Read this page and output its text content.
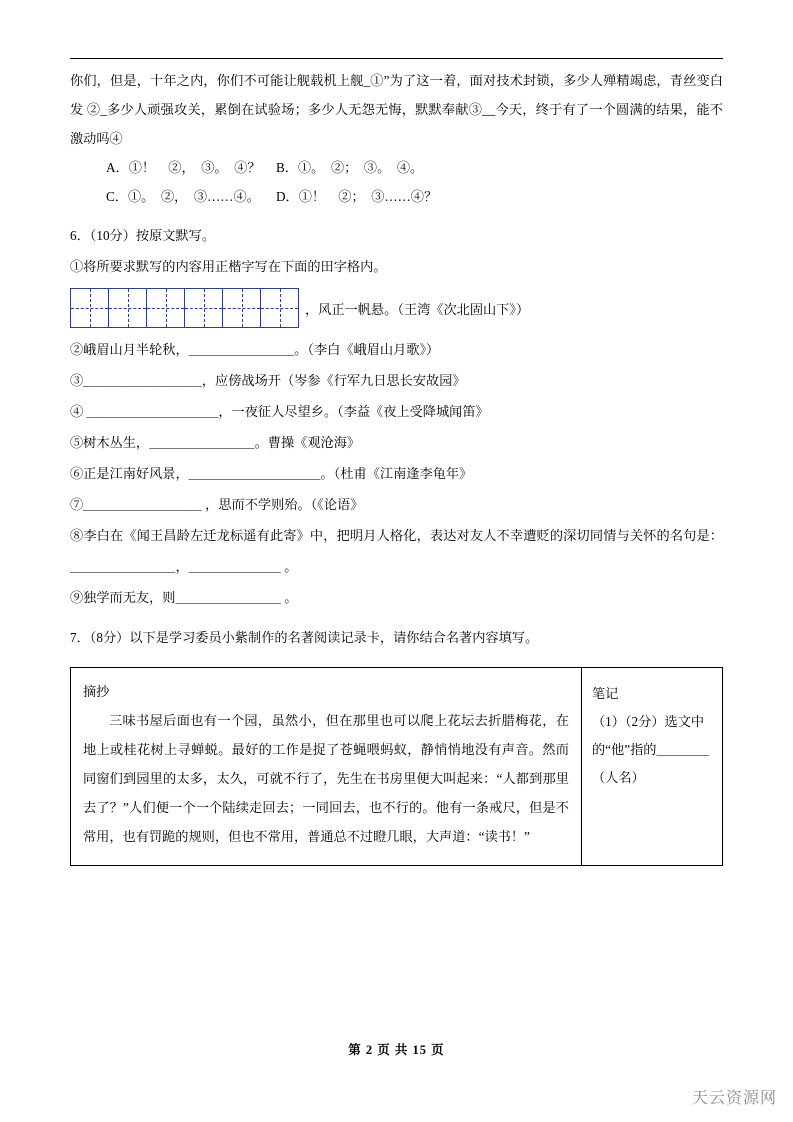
你们，但是，十年之内，你们不可能让舰载机上舰_①”为了这一着，面对技术封锁，多少人殚精竭虑，青丝变白发 ②_多少人顽强攻关，累倒在试验场；多少人无怨无悔，默默奉献③__今天，终于有了一个圆满的结果，能不激动吗④

A．①！　②，　③。　④？	B．①。　②；　③。　④。
C．①。　②，　③……④。	D．①！　②；　③……④？

6．（10分）按原文默写。

①将所要求默写的内容用正楷字写在下面的田字格内。

，风正一帆悬。（王湾《次北固山下》）

②峨眉山月半轮秋，＿＿＿＿＿＿＿＿。（李白《峨眉山月歌》）

③＿＿＿＿＿＿＿＿＿，应傍战场开（岑参《行军九日思长安故园》

④ ＿＿＿＿＿＿＿＿＿＿，一夜征人尽望乡。（李益《夜上受降城闻笛》

⑤树木丛生，＿＿＿＿＿＿＿＿。曹操《观沧海》

⑥正是江南好风景，＿＿＿＿＿＿＿＿＿＿。（杜甫《江南逢李龟年》

⑦＿＿＿＿＿＿＿＿＿ ，思而不学则殆。（《论语》

⑧李白在《闻王昌龄左迁龙标遥有此寄》中，把明月人格化，表达对友人不幸遭贬的深切同情与关怀的名句是：＿＿＿＿＿＿＿＿，＿＿＿＿＿＿＿ 。

⑨独学而无友，则＿＿＿＿＿＿＿＿ 。

7．（8分）以下是学习委员小紫制作的名著阅读记录卡，请你结合名著内容填写。

摘抄
三味书屋后面也有一个园，虽然小，但在那里也可以爬上花坛去折腊梅花，在地上或桂花树上寻蝉蜕。最好的工作是捉了苍蝇喂蚂蚁，静悄悄地没有声音。然而同窗们到园里的太多，太久，可就不行了，先生在书房里便大叫起来：“人都到那里去了？”人们便一个一个陆续走回去；一同回去，也不行的。他有一条戒尺，但是不常用，也有罚跪的规则，但也不常用，普通总不过瞪几眼，大声道：“读书！”
笔记
（1）（2分）选文中的“他”指的＿＿＿＿（人名）
第 2 页 共 15 页
天云资源网
